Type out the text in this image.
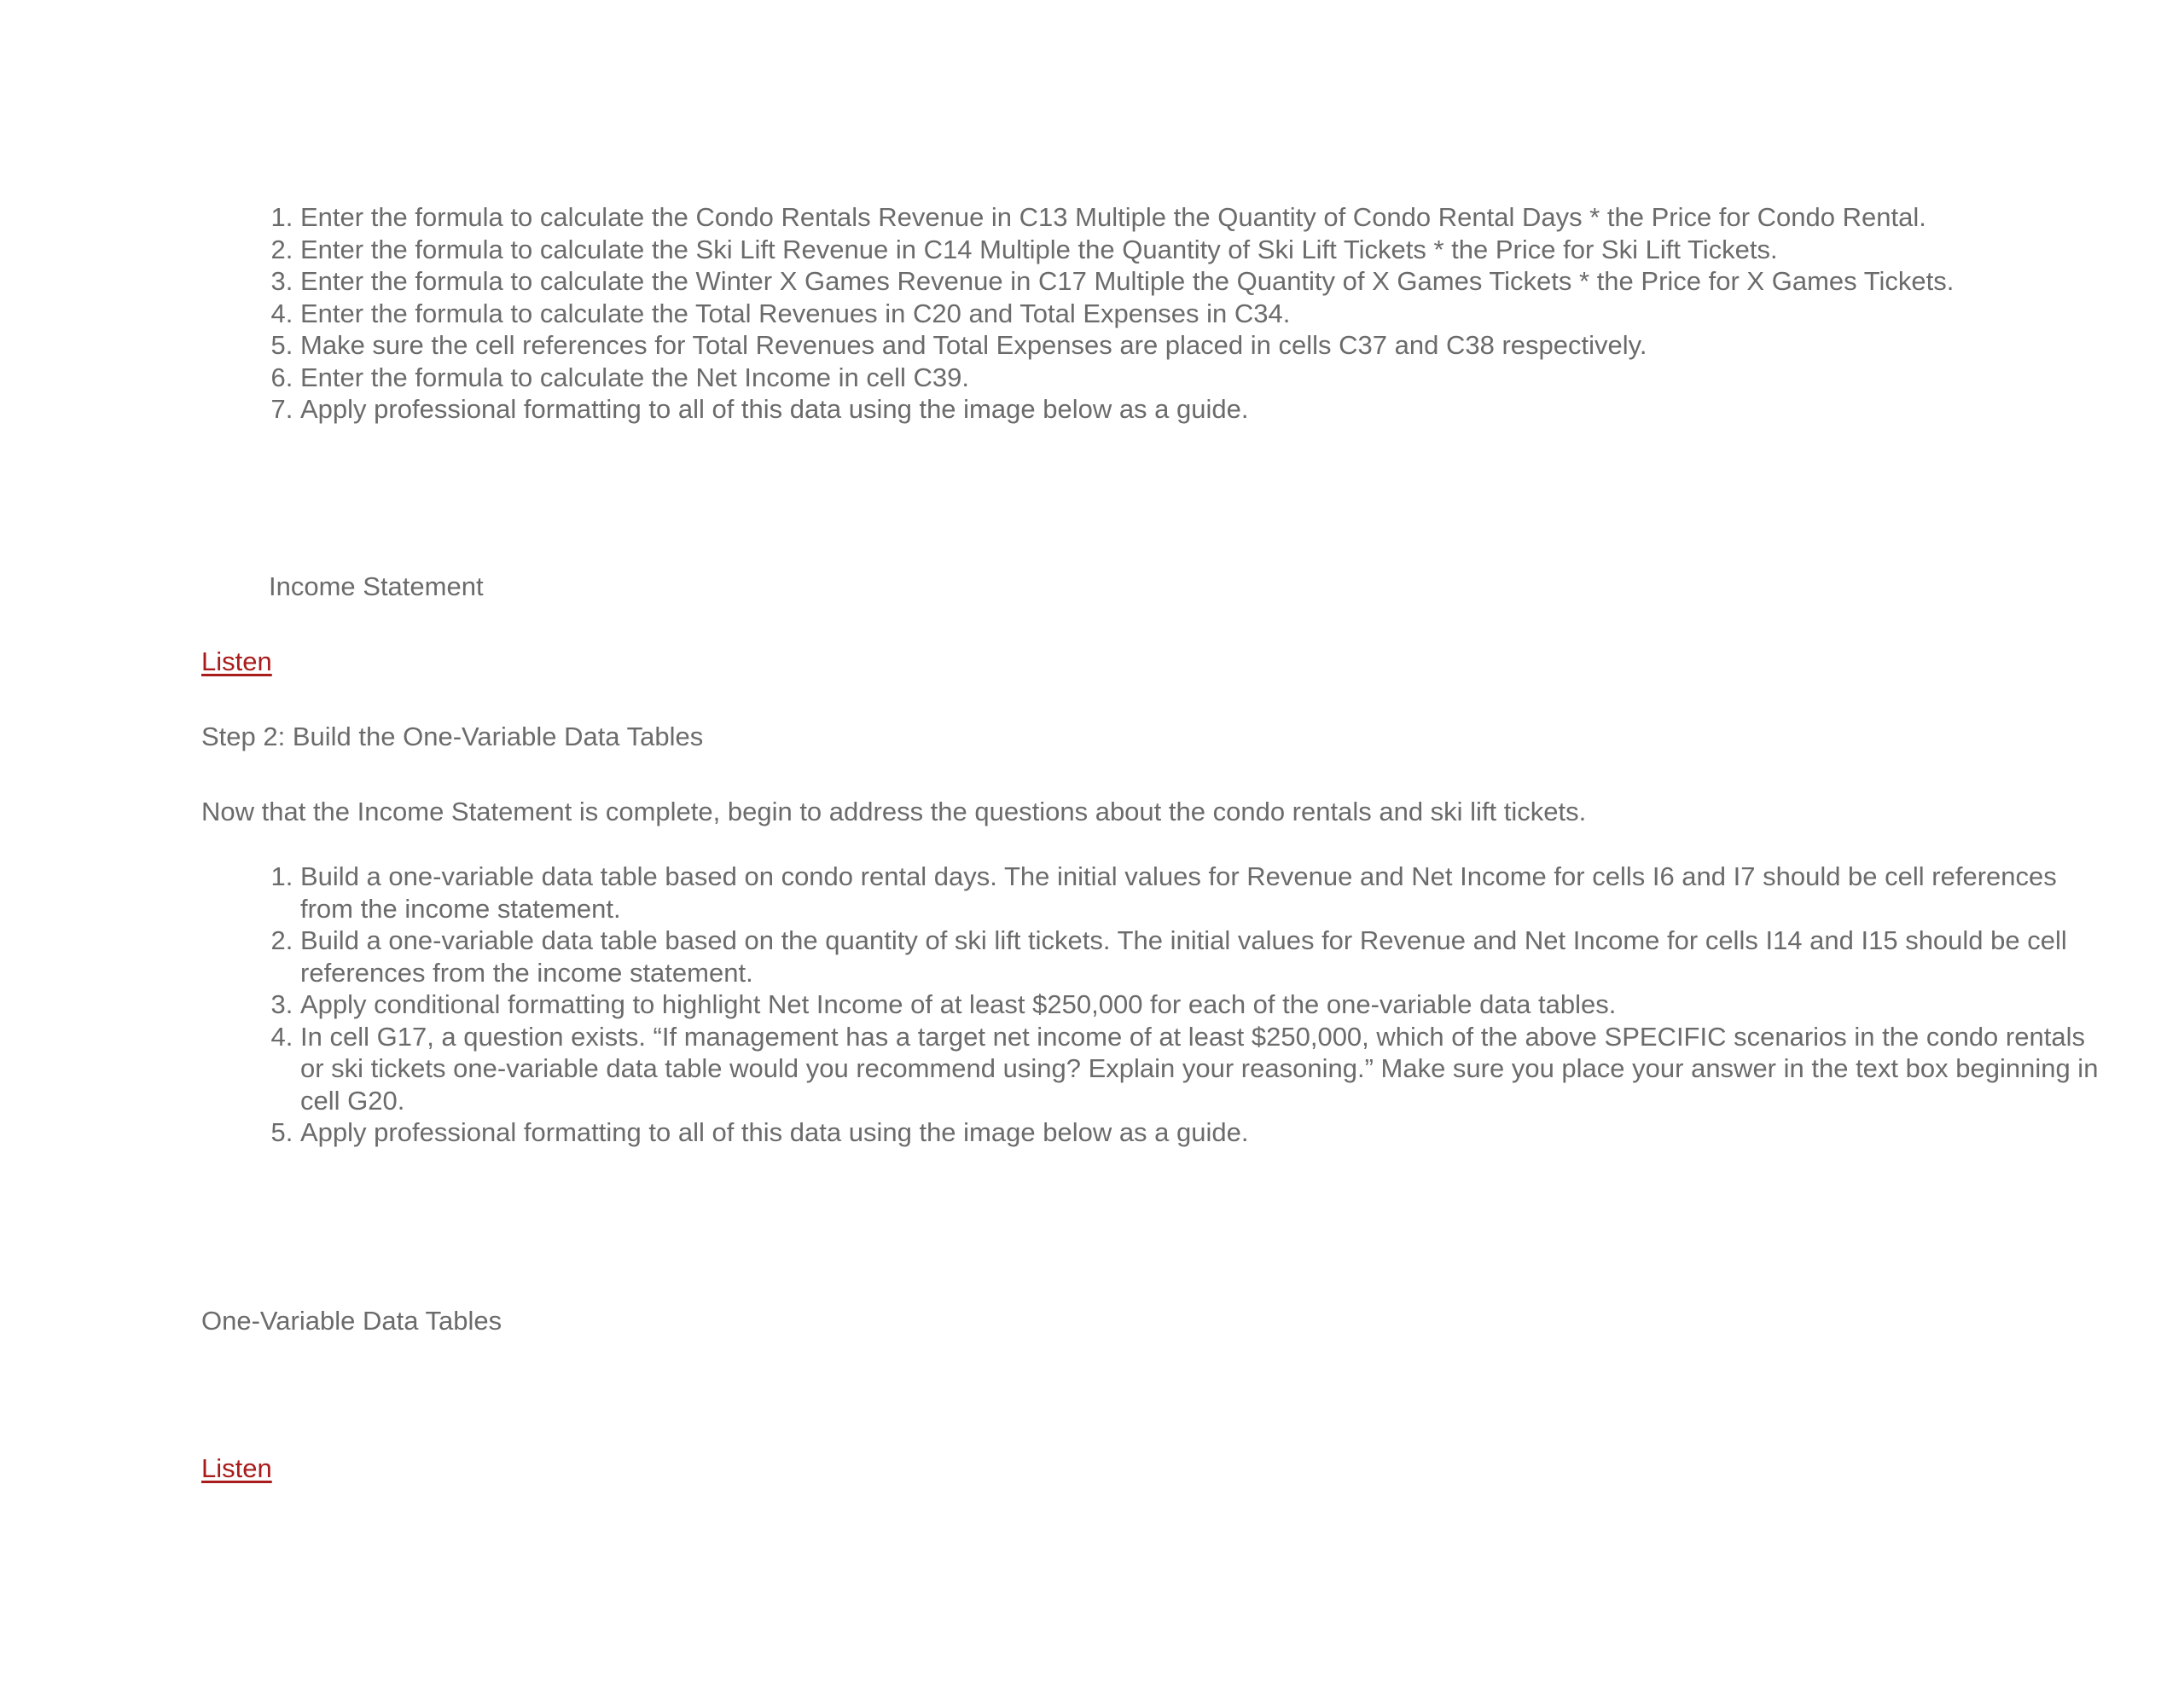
1. Enter the formula to calculate the Condo Rentals Revenue in C13 Multiple the Quantity of Condo Rental Days * the Price for Condo Rental.
2. Enter the formula to calculate the Ski Lift Revenue in C14 Multiple the Quantity of Ski Lift Tickets * the Price for Ski Lift Tickets.
3. Enter the formula to calculate the Winter X Games Revenue in C17 Multiple the Quantity of X Games Tickets * the Price for X Games Tickets.
4. Enter the formula to calculate the Total Revenues in C20 and Total Expenses in C34.
5. Make sure the cell references for Total Revenues and Total Expenses are placed in cells C37 and C38 respectively.
6. Enter the formula to calculate the Net Income in cell C39.
7. Apply professional formatting to all of this data using the image below as a guide.

Income Statement

Listen

Step 2: Build the One-Variable Data Tables

Now that the Income Statement is complete, begin to address the questions about the condo rentals and ski lift tickets.

1. Build a one-variable data table based on condo rental days. The initial values for Revenue and Net Income for cells I6 and I7 should be cell references from the income statement.
2. Build a one-variable data table based on the quantity of ski lift tickets. The initial values for Revenue and Net Income for cells I14 and I15 should be cell references from the income statement.
3. Apply conditional formatting to highlight Net Income of at least $250,000 for each of the one-variable data tables.
4. In cell G17, a question exists. “If management has a target net income of at least $250,000, which of the above SPECIFIC scenarios in the condo rentals or ski tickets one-variable data table would you recommend using? Explain your reasoning.” Make sure you place your answer in the text box beginning in cell G20.
5. Apply professional formatting to all of this data using the image below as a guide.

One-Variable Data Tables

Listen
